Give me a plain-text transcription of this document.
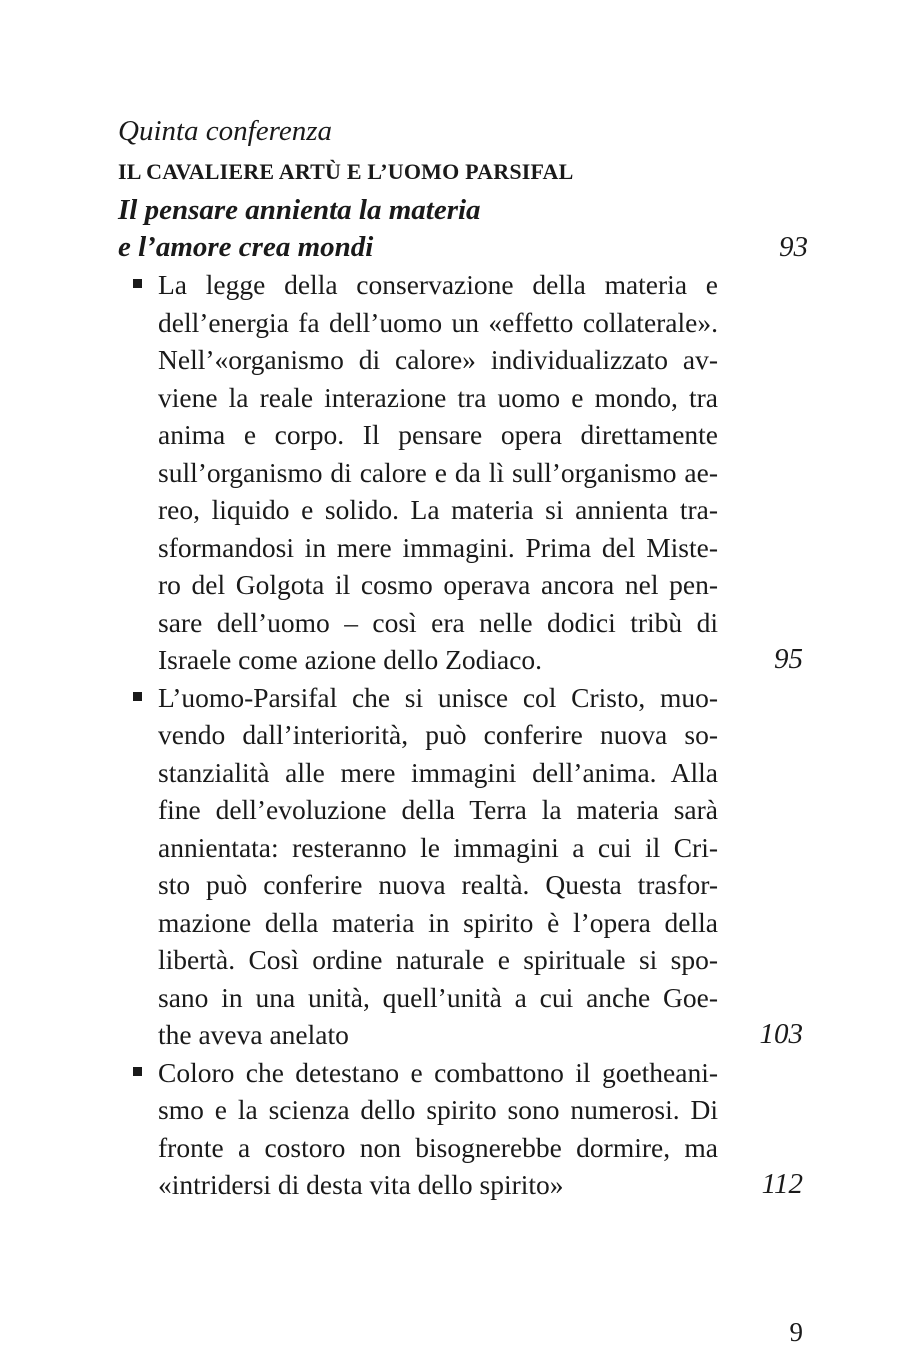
Quinta conferenza
IL CAVALIERE ARTÙ E L’UOMO PARSIFAL
Il pensare annienta la materia
e l’amore crea mondi	93
La legge della conservazione della materia e
dell’energia fa dell’uomo un «effetto collaterale».
Nell’«organismo di calore» individualizzato av-
viene la reale interazione tra uomo e mondo, tra
anima e corpo. Il pensare opera direttamente
sull’organismo di calore e da lì sull’organismo ae-
reo, liquido e solido. La materia si annienta tra-
sformandosi in mere immagini. Prima del Miste-
ro del Golgota il cosmo operava ancora nel pen-
sare dell’uomo – così era nelle dodici tribù di
Israele come azione dello Zodiaco.	95
L’uomo-Parsifal che si unisce col Cristo, muo-
vendo dall’interiorità, può conferire nuova so-
stanzialità alle mere immagini dell’anima. Alla
fine dell’evoluzione della Terra la materia sarà
annientata: resteranno le immagini a cui il Cri-
sto può conferire nuova realtà. Questa trasfor-
mazione della materia in spirito è l’opera della
libertà. Così ordine naturale e spirituale si spo-
sano in una unità, quell’unità a cui anche Goe-
the aveva anelato	103
Coloro che detestano e combattono il goetheani-
smo e la scienza dello spirito sono numerosi. Di
fronte a costoro non bisognerebbe dormire, ma
«intridersi di desta vita dello spirito»	112
9
